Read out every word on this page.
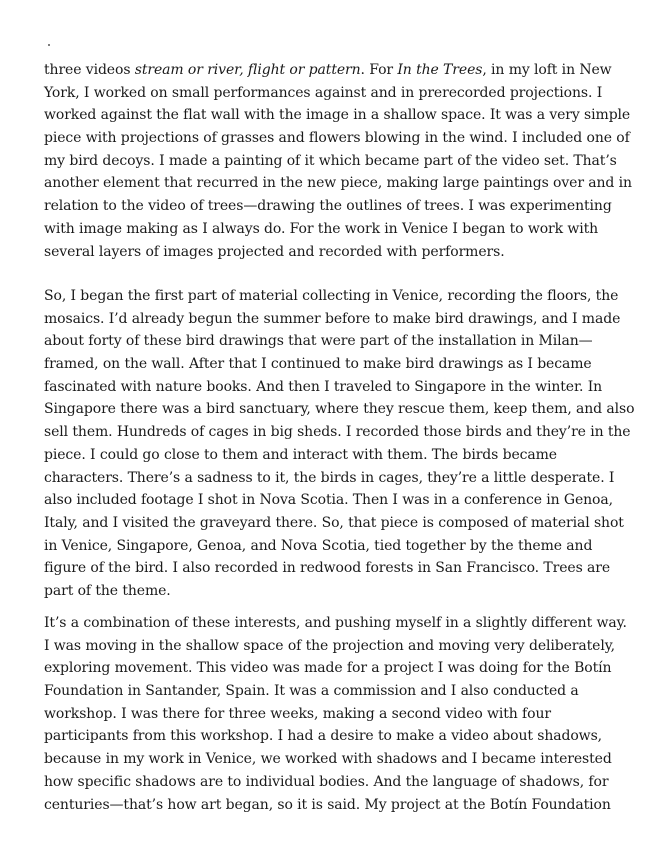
three videos stream or river, flight or pattern. For In the Trees, in my loft in New
York, I worked on small performances against and in prerecorded projections. I
worked against the flat wall with the image in a shallow space. It was a very simple
piece with projections of grasses and flowers blowing in the wind. I included one of
my bird decoys. I made a painting of it which became part of the video set. That’s
another element that recurred in the new piece, making large paintings over and in
relation to the video of trees—drawing the outlines of trees. I was experimenting
with image making as I always do. For the work in Venice I began to work with
several layers of images projected and recorded with performers.
So, I began the first part of material collecting in Venice, recording the floors, the
mosaics. I’d already begun the summer before to make bird drawings, and I made
about forty of these bird drawings that were part of the installation in Milan—
framed, on the wall. After that I continued to make bird drawings as I became
fascinated with nature books. And then I traveled to Singapore in the winter. In
Singapore there was a bird sanctuary, where they rescue them, keep them, and also
sell them. Hundreds of cages in big sheds. I recorded those birds and they’re in the
piece. I could go close to them and interact with them. The birds became
characters. There’s a sadness to it, the birds in cages, they’re a little desperate. I
also included footage I shot in Nova Scotia. Then I was in a conference in Genoa,
Italy, and I visited the graveyard there. So, that piece is composed of material shot
in Venice, Singapore, Genoa, and Nova Scotia, tied together by the theme and
figure of the bird. I also recorded in redwood forests in San Francisco. Trees are
part of the theme.
It’s a combination of these interests, and pushing myself in a slightly different way.
I was moving in the shallow space of the projection and moving very deliberately,
exploring movement. This video was made for a project I was doing for the Botín
Foundation in Santander, Spain. It was a commission and I also conducted a
workshop. I was there for three weeks, making a second video with four
participants from this workshop. I had a desire to make a video about shadows,
because in my work in Venice, we worked with shadows and I became interested
how specific shadows are to individual bodies. And the language of shadows, for
centuries—that’s how art began, so it is said. My project at the Botín Foundation
